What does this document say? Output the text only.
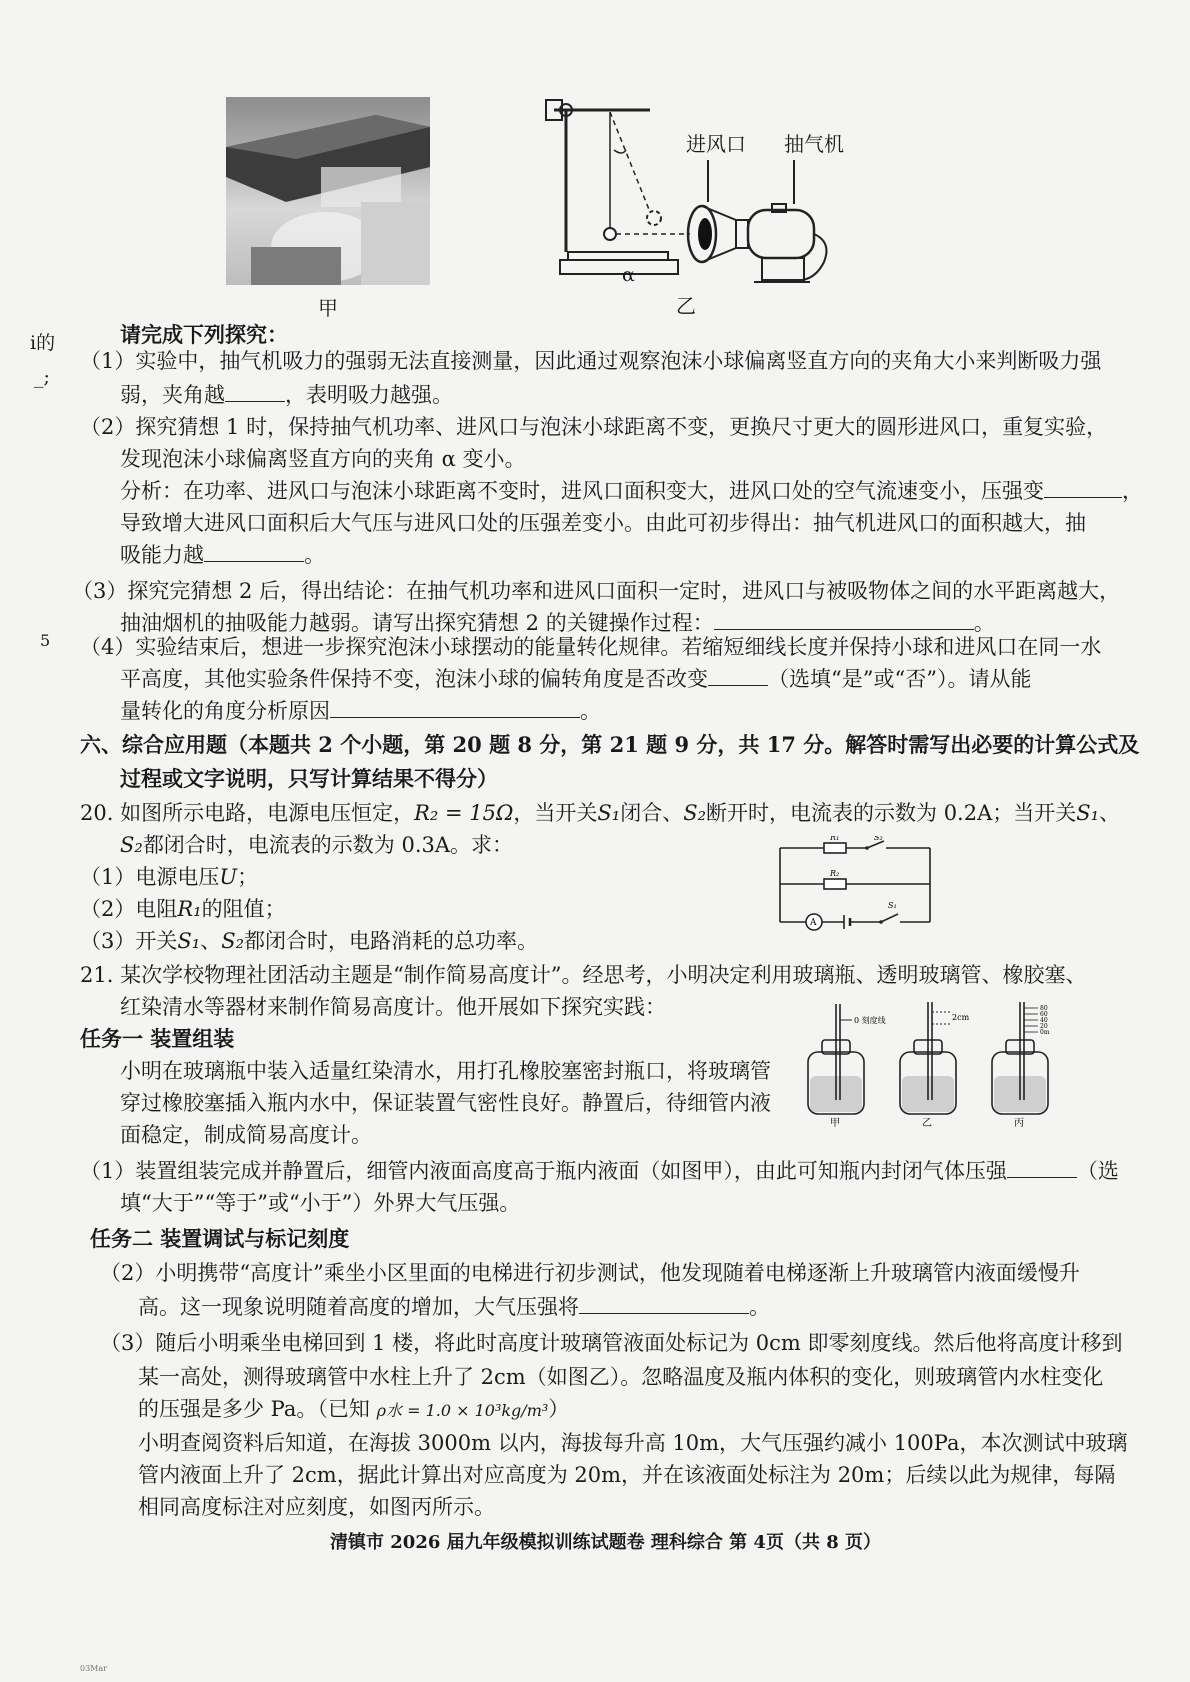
甲
α
进风口 抽气机
乙
i的
_;
5
请完成下列探究：
（1）实验中，抽气机吸力的强弱无法直接测量，因此通过观察泡沫小球偏离竖直方向的夹角大小来判断吸力强
弱，夹角越	，表明吸力越强。
（2）探究猜想 1 时，保持抽气机功率、进风口与泡沫小球距离不变，更换尺寸更大的圆形进风口，重复实验，
发现泡沫小球偏离竖直方向的夹角 α 变小。
分析：在功率、进风口与泡沫小球距离不变时，进风口面积变大，进风口处的空气流速变小，压强变	，
导致增大进风口面积后大气压与进风口处的压强差变小。由此可初步得出：抽气机进风口的面积越大，抽
吸能力越	。
（3）探究完猜想 2 后，得出结论：在抽气机功率和进风口面积一定时，进风口与被吸物体之间的水平距离越大，
抽油烟机的抽吸能力越弱。请写出探究猜想 2 的关键操作过程：	。
（4）实验结束后，想进一步探究泡沫小球摆动的能量转化规律。若缩短细线长度并保持小球和进风口在同一水
平高度，其他实验条件保持不变，泡沫小球的偏转角度是否改变	（选填“是”或“否”）。请从能
量转化的角度分析原因	。
六、综合应用题（本题共 2 个小题，第 20 题 8 分，第 21 题 9 分，共 17 分。解答时需写出必要的计算公式及
过程或文字说明，只写计算结果不得分）
20. 如图所示电路，电源电压恒定，R₂ = 15Ω，当开关S₁闭合、S₂断开时，电流表的示数为 0.2A；当开关S₁、
S₂都闭合时，电流表的示数为 0.3A。求：
（1）电源电压U；
（2）电阻R₁的阻值；
（3）开关S₁、S₂都闭合时，电路消耗的总功率。
R₁	S₂
R₂
S₁
A
21. 某次学校物理社团活动主题是“制作简易高度计”。经思考，小明决定利用玻璃瓶、透明玻璃管、橡胶塞、
红染清水等器材来制作简易高度计。他开展如下探究实践：
任务一 装置组装
小明在玻璃瓶中装入适量红染清水，用打孔橡胶塞密封瓶口，将玻璃管
穿过橡胶塞插入瓶内水中，保证装置气密性良好。静置后，待细管内液
面稳定，制成简易高度计。
0 刻度线	2cm
80
60
40
20
0m
甲	乙	丙
（1）装置组装完成并静置后，细管内液面高度高于瓶内液面（如图甲），由此可知瓶内封闭气体压强	（选
填“大于”“等于”或“小于”）外界大气压强。
任务二 装置调试与标记刻度
（2）小明携带“高度计”乘坐小区里面的电梯进行初步测试，他发现随着电梯逐渐上升玻璃管内液面缓慢升
高。这一现象说明随着高度的增加，大气压强将	。
（3）随后小明乘坐电梯回到 1 楼，将此时高度计玻璃管液面处标记为 0cm 即零刻度线。然后他将高度计移到
某一高处，测得玻璃管中水柱上升了 2cm（如图乙）。忽略温度及瓶内体积的变化，则玻璃管内水柱变化
的压强是多少 Pa。（已知 ρ水 = 1.0 × 10³kg/m³）
小明查阅资料后知道，在海拔 3000m 以内，海拔每升高 10m，大气压强约减小 100Pa，本次测试中玻璃
管内液面上升了 2cm，据此计算出对应高度为 20m，并在该液面处标注为 20m；后续以此为规律，每隔
相同高度标注对应刻度，如图丙所示。
清镇市 2026 届九年级模拟训练试题卷 理科综合 第 4页（共 8 页）
03Mar
